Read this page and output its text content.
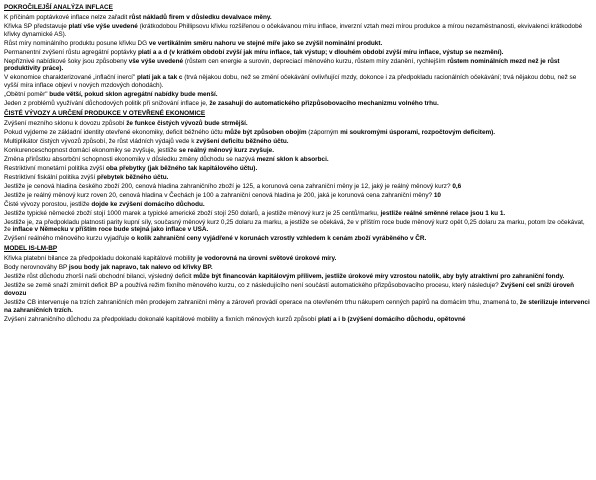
POKROČILEJŠÍ ANALÝZA INFLACE
K příčinám poptávkové inflace nelze zařadit růst nákladů firem v důsledku devalvace měny.
Křivka SP představuje platí vše výše uvedené (krátkodobou Phillipsovu křivku rozšířenou o očekávanou míru inflace, inverzní vztah mezi mírou produkce a mírou nezaměstnanosti, ekvivalenci krátkodobé křivky dynamické AS).
Růst míry nominálního produktu posune křivku DG ve vertikálním směru nahoru ve stejné míře jako se zvýšil nominální produkt.
Permanentní zvýšení růstu agregátní poptávky platí a a d (v krátkém období zvýší jak míru inflace, tak výstup; v dlouhém období zvýší míru inflace, výstup se nezmění).
Nepříznivé nabídkové šoky jsou způsobeny vše výše uvedené (růstem cen energie a surovin, depreciací měnového kurzu, růstem míry zdanění, rychlejším růstem nominálních mezd než je růst produktivity práce).
V ekonomice charakterizované „inflační inercí" platí jak a tak c (trvá nějakou dobu, než se změní očekávání ovlivňující mzdy, dokonce i za předpokladu racionálních očekávání; trvá nějakou dobu, než se vyšší míra inflace objeví v nových mzdových dohodách).
„Obětní poměr" bude větší, pokud sklon agregátní nabídky bude menší.
Jeden z problémů využívání důchodových politik při snižování inflace je, že zasahují do automatického přizpůsobovacího mechanizmu volného trhu.
ČISTÉ VÝVOZY A URČENÍ PRODUKCE V OTEVŘENÉ EKONOMICE
Zvýšení mezního sklonu k dovozu způsobí že funkce čistých vývozů bude strmější.
Pokud vyjdeme ze základní identity otevřené ekonomiky, deficit běžného účtu může být způsoben obojím (záporným mi soukromými úsporami, rozpočtovým deficitem).
Multiplikátor čistých vývozů způsobí, že růst vládních výdajů vede k zvýšení deficitu běžného účtu.
Konkurenceschopnost domácí ekonomiky se zvyšuje, jestliže se reálný měnový kurz zvyšuje.
Změna přírůstku absorbční schopnosti ekonomiky v důsledku změny důchodu se nazývá mezní sklon k absorbci.
Restriktivní monetární politika zvýší oba přebytky (jak běžného tak kapitálového účtu).
Restriktivní fiskální politika zvýší přebytek běžného účtu.
Jestliže je cenová hladina českého zboží 200, cenová hladina zahraničního zboží je 125, a korunová cena zahraniční měny je 12, jaký je reálný měnový kurz? 0,6
Jestliže je reálný měnový kurz roven 20, cenová hladina v Čechách je 100 a zahraniční cenová hladina je 200, jaká je korunová cena zahraniční měny? 10
Čisté vývozy porostou, jestliže dojde ke zvýšení domácího důchodu.
Jestliže typické německé zboží stojí 1000 marek a typické americké zboží stojí 250 dolarů, a jestliže měnový kurz je 25 centů/marku, jestliže reálné směnné relace jsou 1 ku 1.
Jestliže je, za předpokladu platnosti parity kupní síly, současný měnový kurz 0,25 dolaru za marku, a jestliže se očekává, že v příštím roce bude měnový kurz opět 0,25 dolaru za marku, potom lze očekávat, že inflace v Německu v příštím roce bude stejná jako inflace v USA.
Zvýšení reálného měnového kurzu vyjadřuje o kolik zahraniční ceny vyjádřené v korunách vzrostly vzhledem k cenám zboží vyráběného v ČR.
MODEL IS-LM-BP
Křivka platební bilance za předpokladu dokonalé kapitálové mobility je vodorovná na úrovni světové úrokové míry.
Body nerovnováhy BP jsou body jak napravo, tak nalevo od křivky BP.
Jestliže růst důchodu zhorší naši obchodní bilanci, výsledný deficit může být financován kapitálovým přílivem, jestliže úrokové míry vzrostou natolik, aby byly atraktivní pro zahraniční fondy.
Jestliže se země snaží zmírnit deficit BP a používá režim fixního měnového kurzu, co z následujícího není součástí automatického přizpůsobovacího procesu, který následuje? Zvýšení cel sníží úroveň dovozu
Jestliže CB intervenuje na trzích zahraničních měn prodejem zahraniční měny a zároveň provádí operace na otevřeném trhu nákupem cenných papírů na domácím trhu, znamená to, že sterilizuje intervenci na zahraničních trzích.
Zvýšení zahraničního důchodu za předpokladu dokonalé kapitálové mobility a fixních měnových kurzů způsobí platí a i b (zvýšení domácího důchodu, opětovné
